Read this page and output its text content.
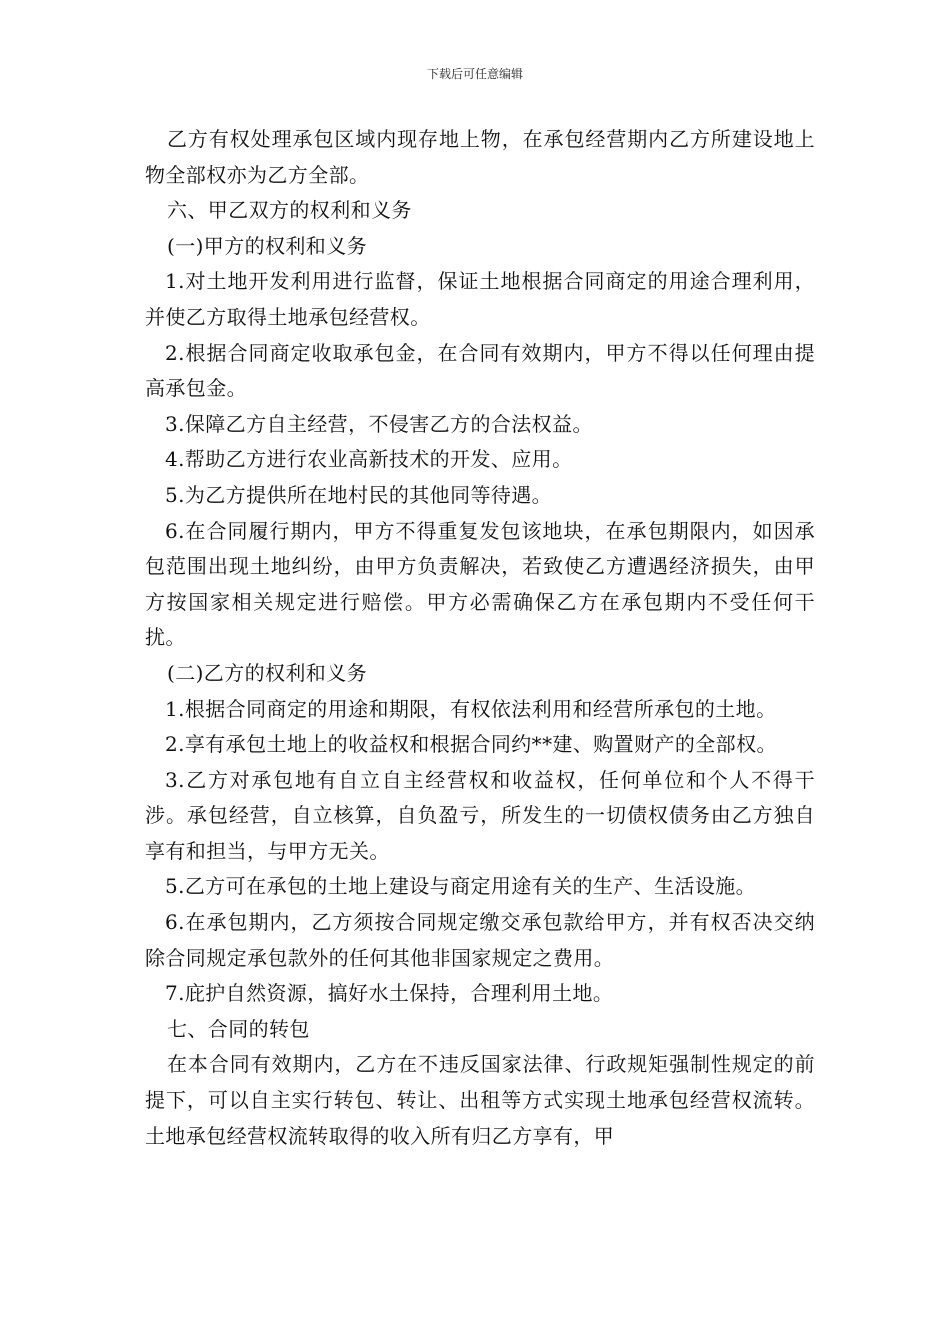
下载后可任意编辑

乙方有权处理承包区域内现存地上物，在承包经营期内乙方所建设地上物全部权亦为乙方全部。

六、甲乙双方的权利和义务

(一)甲方的权利和义务

1.对土地开发利用进行监督，保证土地根据合同商定的用途合理利用，并使乙方取得土地承包经营权。

2.根据合同商定收取承包金，在合同有效期内，甲方不得以任何理由提高承包金。

3.保障乙方自主经营，不侵害乙方的合法权益。

4.帮助乙方进行农业高新技术的开发、应用。

5.为乙方提供所在地村民的其他同等待遇。

6.在合同履行期内，甲方不得重复发包该地块，在承包期限内，如因承包范围出现土地纠纷，由甲方负责解决，若致使乙方遭遇经济损失，由甲方按国家相关规定进行赔偿。甲方必需确保乙方在承包期内不受任何干扰。

(二)乙方的权利和义务

1.根据合同商定的用途和期限，有权依法利用和经营所承包的土地。

2.享有承包土地上的收益权和根据合同约**建、购置财产的全部权。

3.乙方对承包地有自立自主经营权和收益权，任何单位和个人不得干涉。承包经营，自立核算，自负盈亏，所发生的一切债权债务由乙方独自享有和担当，与甲方无关。

5.乙方可在承包的土地上建设与商定用途有关的生产、生活设施。

6.在承包期内，乙方须按合同规定缴交承包款给甲方，并有权否决交纳除合同规定承包款外的任何其他非国家规定之费用。

7.庇护自然资源，搞好水土保持，合理利用土地。

七、合同的转包

在本合同有效期内，乙方在不违反国家法律、行政规矩强制性规定的前提下，可以自主实行转包、转让、出租等方式实现土地承包经营权流转。土地承包经营权流转取得的收入所有归乙方享有，甲
